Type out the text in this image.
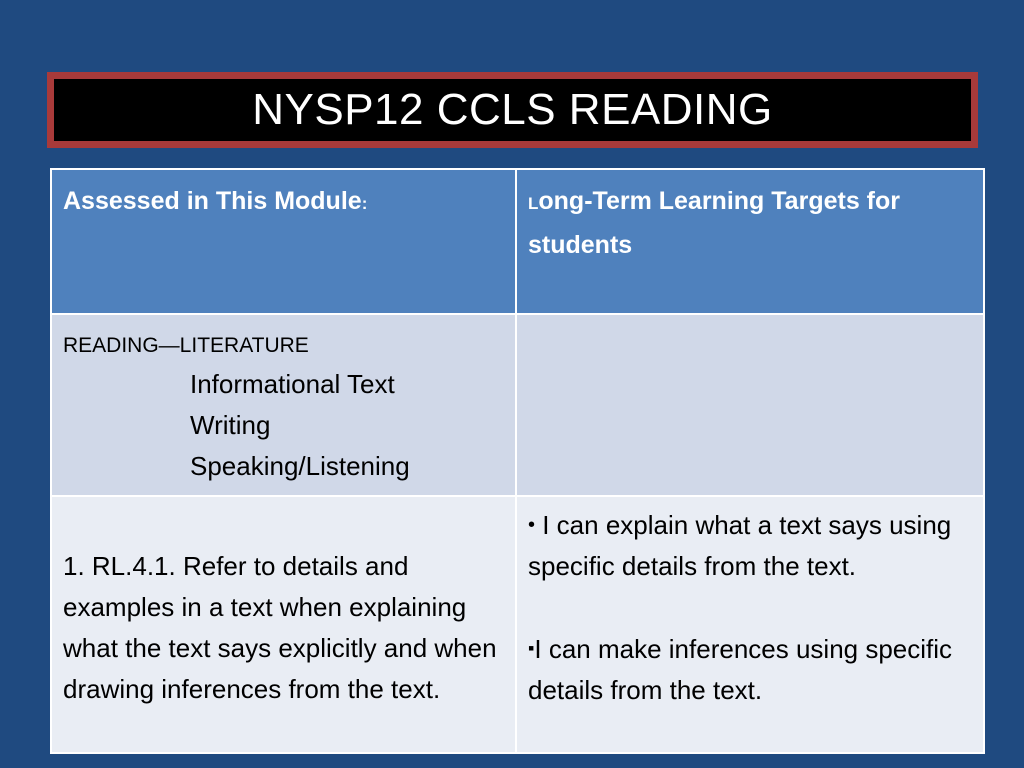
NYSP12 CCLS READING
Assessed in This Module:	Long-Term Learning Targets for students
READING—LITERATURE
Informational Text
Writing
Speaking/Listening	

1. RL.4.1. Refer to details and examples in a text when explaining what the text says explicitly and when drawing inferences from the text.	• I can explain what a text says using specific details from the text.
▪I can make inferences using specific details from the text.
